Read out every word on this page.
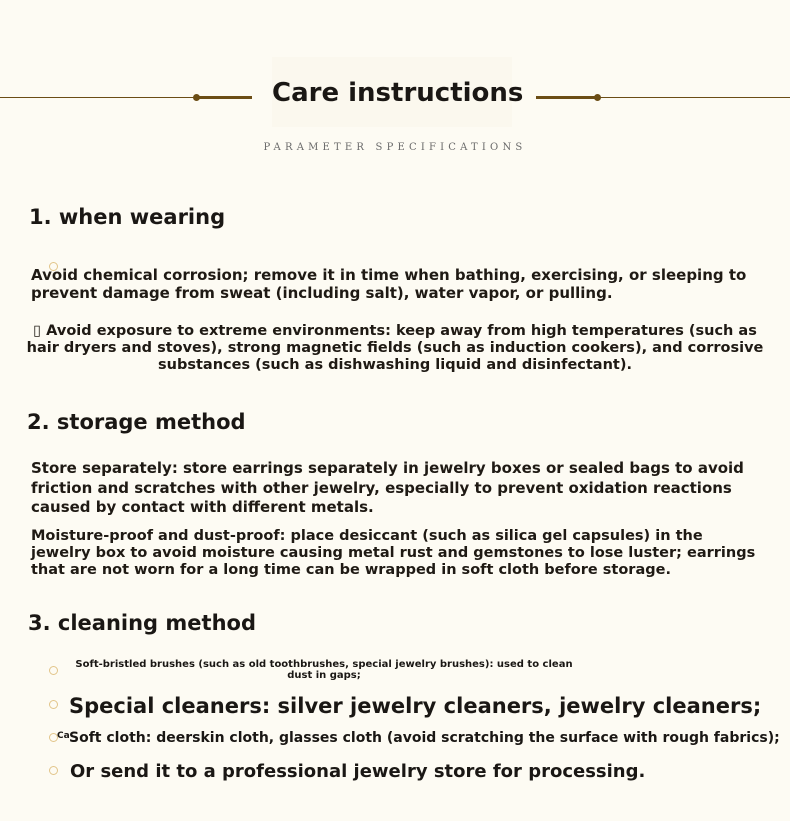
Care instructions
PARAMETER SPECIFICATIONS
1. when wearing
Avoid chemical corrosion; remove it in time when bathing, exercising, or sleeping to prevent damage from sweat (including salt), water vapor, or pulling.
▯ Avoid exposure to extreme environments: keep away from high temperatures (such as hair dryers and stoves), strong magnetic fields (such as induction cookers), and corrosive substances (such as dishwashing liquid and disinfectant).
2. storage method
Store separately: store earrings separately in jewelry boxes or sealed bags to avoid friction and scratches with other jewelry, especially to prevent oxidation reactions caused by contact with different metals.
Moisture-proof and dust-proof: place desiccant (such as silica gel capsules) in the jewelry box to avoid moisture causing metal rust and gemstones to lose luster; earrings that are not worn for a long time can be wrapped in soft cloth before storage.
3. cleaning method
Soft-bristled brushes (such as old toothbrushes, special jewelry brushes): used to clean dust in gaps;
Special cleaners: silver jewelry cleaners, jewelry cleaners;
Ca Soft cloth: deerskin cloth, glasses cloth (avoid scratching the surface with rough fabrics);
Or send it to a professional jewelry store for processing.
